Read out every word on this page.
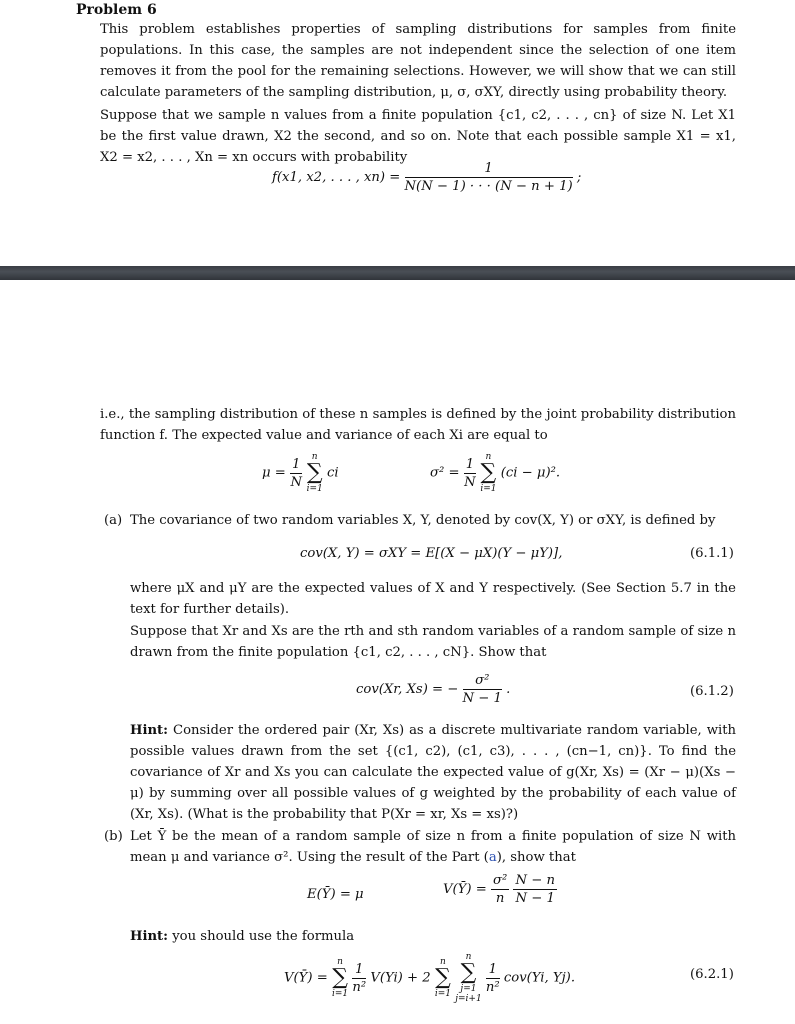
Problem 6
This problem establishes properties of sampling distributions for samples from finite populations. In this case, the samples are not independent since the selection of one item removes it from the pool for the remaining selections. However, we will show that we can still calculate parameters of the sampling distribution, μ, σ, σXY, directly using probability theory.
Suppose that we sample n values from a finite population {c1, c2, . . . , cn} of size N. Let X1 be the first value drawn, X2 the second, and so on. Note that each possible sample X1 = x1, X2 = x2, . . . , Xn = xn occurs with probability
f(x1, x2, . . . , $xn) = \frac{1}{N(N - 1) \cdot \cdot \cdot (N - n + 1)}$ ;
i.e., the sampling distribution of these n samples is defined by the joint probability distribution function f. The expected value and variance of each Xi are equal to
$\mu = \frac{1}{N}$
	n
∑
i=1
ci	$\sigma^2 = \frac{1}{N}$
	n
∑
i=1
(ci − μ)².
(a) The covariance of two random variables X, Y, denoted by cov(X, Y) or σXY, is defined by
cov(X, Y) = σXY = E[(X − μX)(Y − μY)],	(6.1.1)
where μX and μY are the expected values of X and Y respectively. (See Section 5.7 in the text for further details).
Suppose that Xr and Xs are the rth and sth random variables of a random sample of size n drawn from the finite population {c1, c2, . . . , cN}. Show that
cov(Xr, Xs) = − $\frac{\text{σ²}}{N - 1}$ .	(6.1.2)
Hint: Consider the ordered pair (Xr, Xs) as a discrete multivariate random variable, with possible values drawn from the set {(c1, c2), (c1, c3), . . . , (cn−1, cn)}. To find the covariance of Xr and Xs you can calculate the expected value of g(Xr, Xs) = (Xr − μ)(Xs − μ) by summing over all possible values of g weighted by the probability of each value of (Xr, Xs). (What is the probability that P(Xr = xr, Xs = xs)?)
(b) Let Ȳ be the mean of a random sample of size n from a finite population of size N with mean μ and variance σ². Using the result of the Part (a), show that
E(Ȳ) = μ	V(Ȳ) = $\frac{\text{σ²}}{n}$
$\frac{N - n}{N - 1}$
Hint: you should use the formula
V(Ȳ) =
n
∑
i=1
$\frac{1}{\text{n²}} V(Yi) + 2$
n
∑
i=1

n
∑
j=1
j=i+1

$\frac{1}{\text{n²}} cov(Yi$, Yj).	(6.2.1)
